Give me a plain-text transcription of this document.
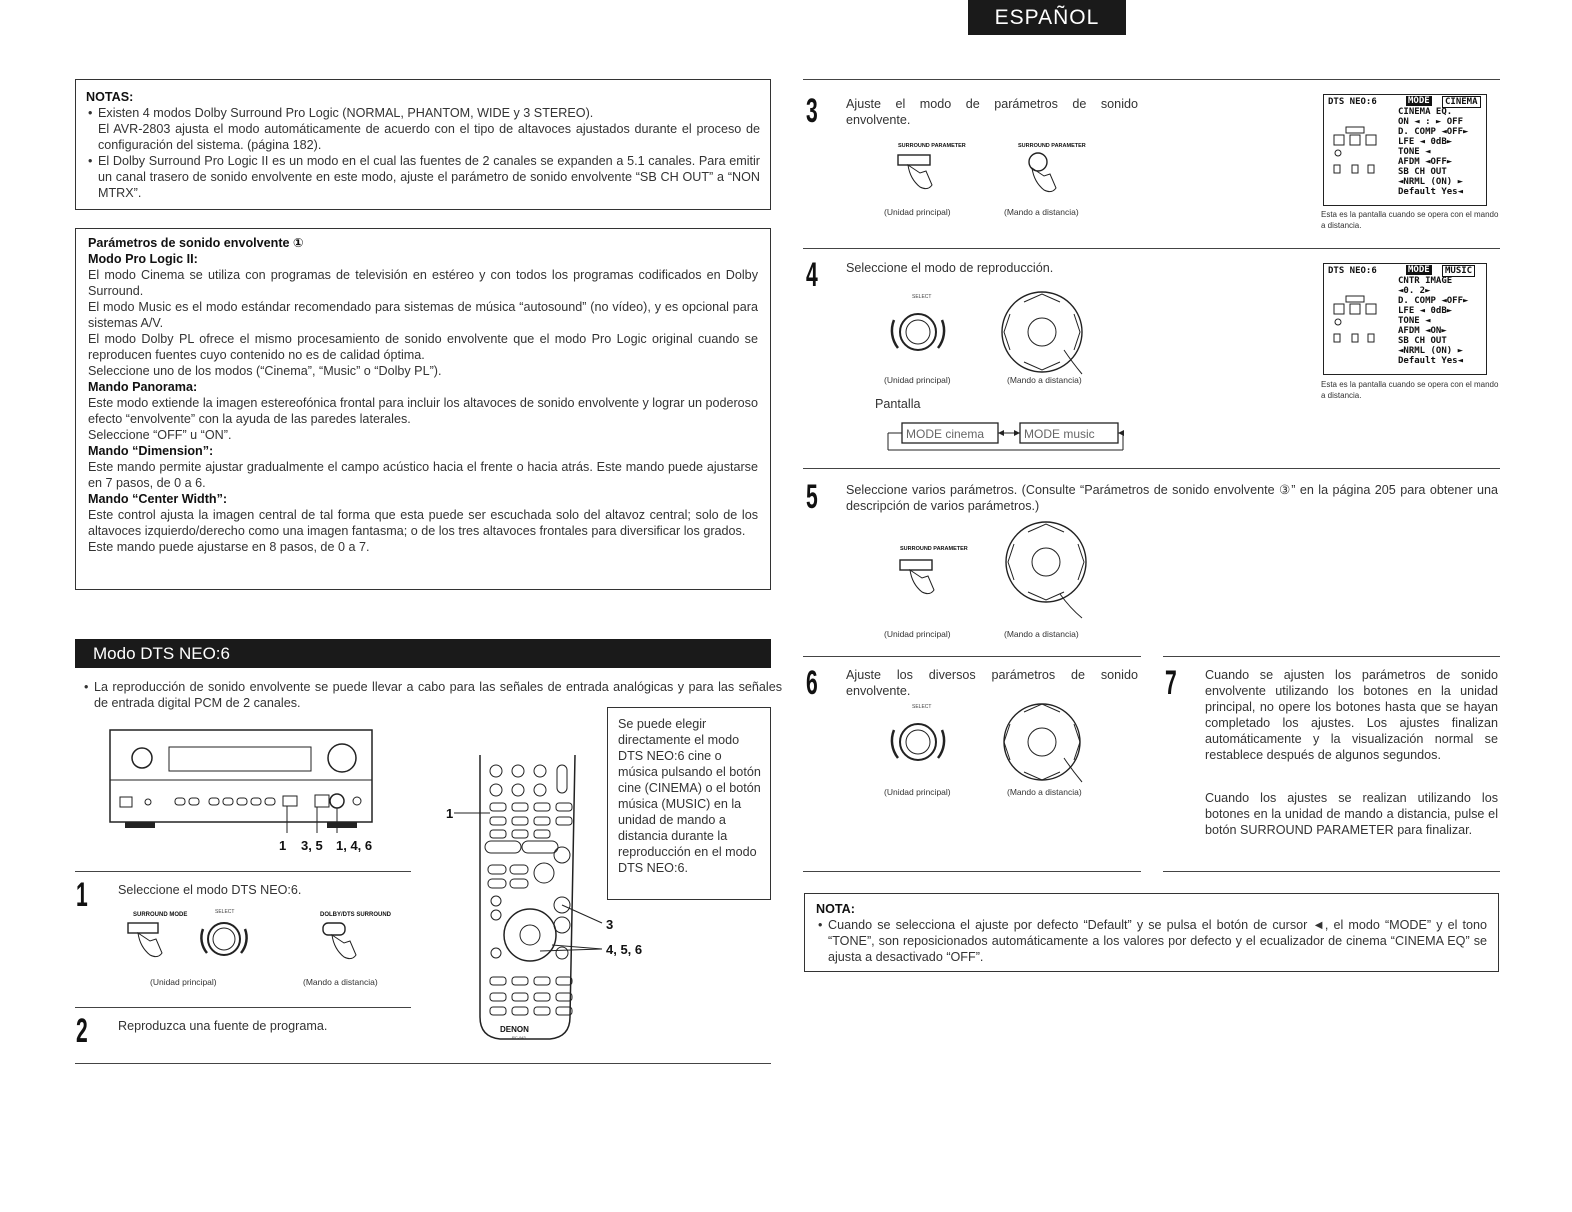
ESPAÑOL

NOTAS:

• Existen 4 modos Dolby Surround Pro Logic (NORMAL, PHANTOM, WIDE y 3 STEREO).

El AVR-2803 ajusta el modo automáticamente de acuerdo con el tipo de altavoces ajustados durante el proceso de configuración del sistema. (página 182).

• El Dolby Surround Pro Logic II es un modo en el cual las fuentes de 2 canales se expanden a 5.1 canales. Para emitir un canal trasero de sonido envolvente en este modo, ajuste el parámetro de sonido envolvente “SB CH OUT” a “NON MTRX”.

Parámetros de sonido envolvente ①

Modo Pro Logic II:

El modo Cinema se utiliza con programas de televisión en estéreo y con todos los programas codificados en Dolby Surround.

El modo Music es el modo estándar recomendado para sistemas de música “autosound” (no vídeo), y es opcional para sistemas A/V.

El modo Dolby PL ofrece el mismo procesamiento de sonido envolvente que el modo Pro Logic original cuando se reproducen fuentes cuyo contenido no es de calidad óptima.

Seleccione uno de los modos (“Cinema”, “Music” o “Dolby PL”).

Mando Panorama:

Este modo extiende la imagen estereofónica frontal para incluir los altavoces de sonido envolvente y lograr un poderoso efecto “envolvente” con la ayuda de las paredes laterales.

Seleccione “OFF” u “ON”.

Mando “Dimension”:

Este mando permite ajustar gradualmente el campo acústico hacia el frente o hacia atrás. Este mando puede ajustarse en 7 pasos, de 0 a 6.

Mando “Center Width”:

Este control ajusta la imagen central de tal forma que esta puede ser escuchada solo del altavoz central; solo de los altavoces izquierdo/derecho como una imagen fantasma; o de los tres altavoces frontales para diversificar los grados.

Este mando puede ajustarse en 8 pasos, de 0 a 7.

Modo DTS NEO:6
• La reproducción de sonido envolvente se puede llevar a cabo para las señales de entrada analógicas y para las señales de entrada digital PCM de 2 canales.
1 3, 5 1, 4, 6
1 Seleccione el modo DTS NEO:6.
SURROUND MODE	SELECT	DOLBY/DTS SURROUND
(Unidad principal)	(Mando a distancia)
2 Reproduzca una fuente de programa.	DENON
RC-943
1
3
4, 5, 6
Se puede elegir directamente el modo DTS NEO:6 cine o música pulsando el botón cine (CINEMA) o el botón música (MUSIC) en la unidad de mando a distancia durante la reproducción en el modo DTS NEO:6.
3 Ajuste el modo de parámetros de sonido envolvente.
SURROUND PARAMETER	SURROUND PARAMETER
(Unidad principal)	(Mando a distancia)
DTS NEO:6	MODE	CINEMA
CINEMA EQ.
ON ◄ : ► OFF
D. COMP ◄OFF►
LFE ◄ 0dB►
TONE ◄
AFDM ◄OFF►
SB CH OUT
◄NRML (ON) ►
Default Yes◄
Esta es la pantalla cuando se opera con el mando a distancia.
4 Seleccione el modo de reproducción.
SELECT
(Unidad principal)	(Mando a distancia)
Pantalla
MODE cinema	MODE music
DTS NEO:6	MODE	MUSIC
CNTR IMAGE
◄0. 2►
D. COMP ◄OFF►
LFE ◄ 0dB►
TONE ◄
AFDM ◄ON►
SB CH OUT
◄NRML (ON) ►
Default Yes◄
Esta es la pantalla cuando se opera con el mando a distancia.
5 Seleccione varios parámetros. (Consulte “Parámetros de sonido envolvente ③” en la página 205 para obtener una descripción de varios parámetros.)
SURROUND PARAMETER
(Unidad principal)	(Mando a distancia)
6 Ajuste los diversos parámetros de sonido envolvente.
SELECT
(Unidad principal)	(Mando a distancia)
7 Cuando se ajusten los parámetros de sonido envolvente utilizando los botones en la unidad principal, no opere los botones hasta que se hayan completado los ajustes. Los ajustes finalizan automáticamente y la visualización normal se restablece después de algunos segundos.
Cuando los ajustes se realizan utilizando los botones en la unidad de mando a distancia, pulse el botón SURROUND PARAMETER para finalizar.

NOTA:

• Cuando se selecciona el ajuste por defecto “Default” y se pulsa el botón de cursor ◄, el modo “MODE” y el tono “TONE”, son reposicionados automáticamente a los valores por defecto y el ecualizador de cinema “CINEMA EQ” se ajusta a desactivado “OFF”.
